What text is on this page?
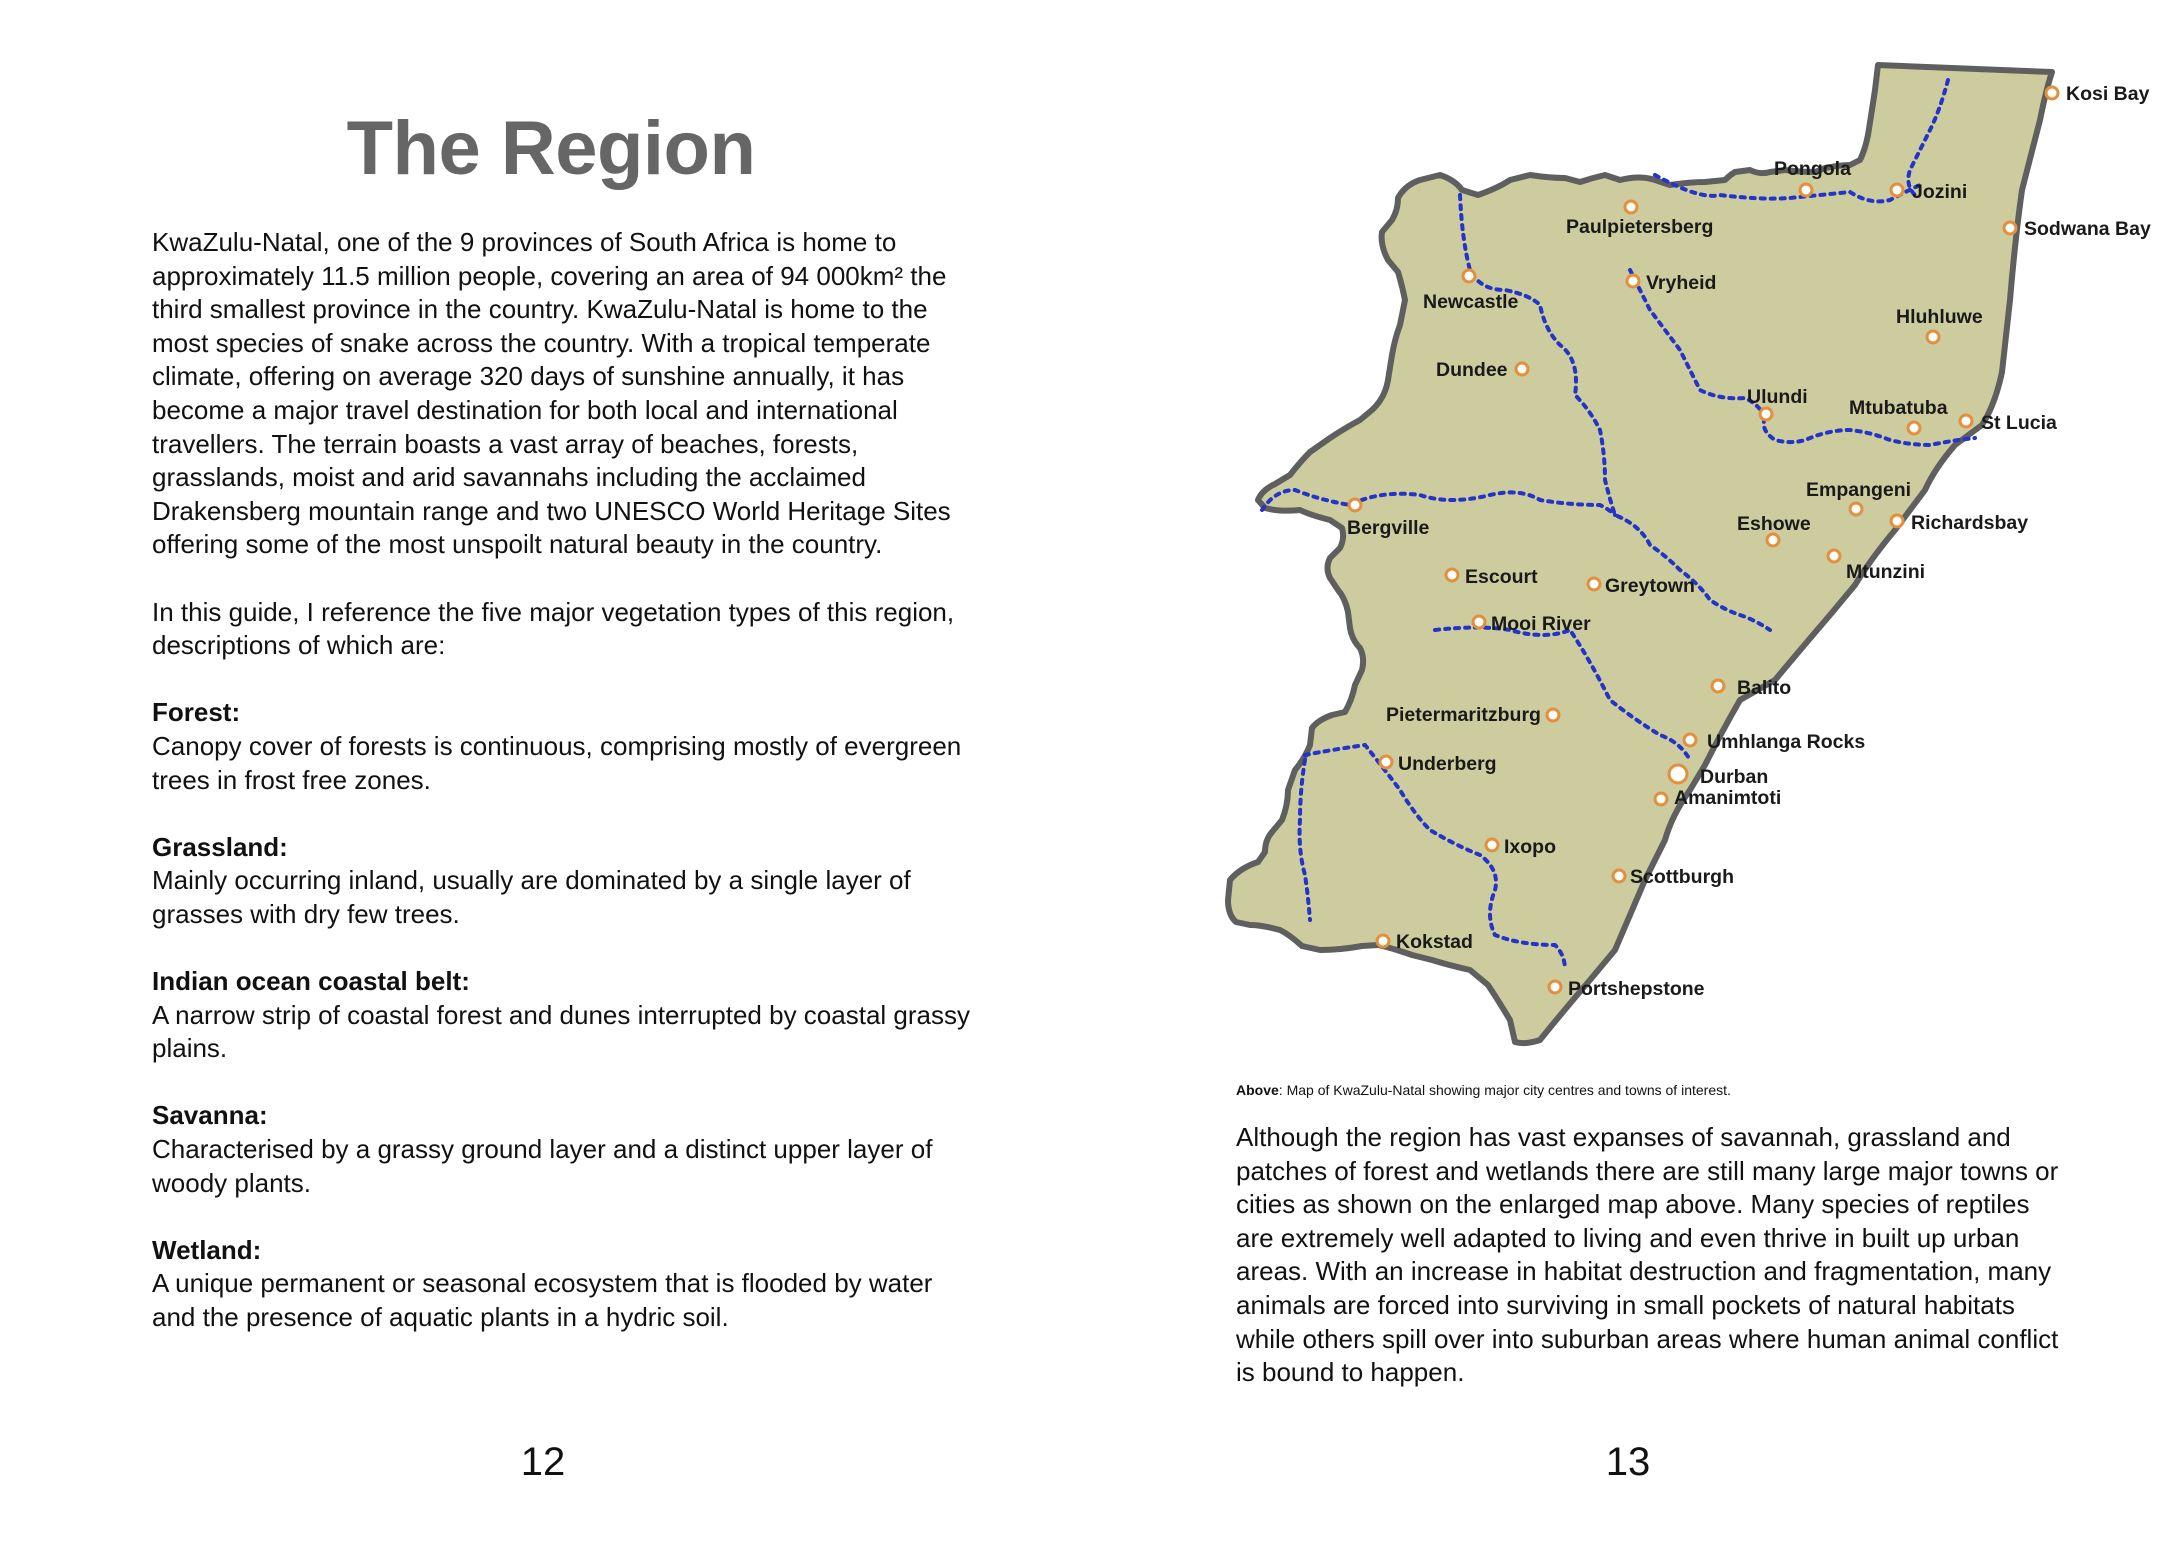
The Region

KwaZulu-Natal, one of the 9 provinces of South Africa is home to approximately 11.5 million people, covering an area of 94 000km² the third smallest province in the country. KwaZulu-Natal is home to the most species of snake across the country. With a tropical temperate climate, offering on average 320 days of sunshine annually, it has become a major travel destination for both local and international travellers. The terrain boasts a vast array of beaches, forests, grasslands, moist and arid savannahs including the acclaimed Drakensberg mountain range and two UNESCO World Heritage Sites offering some of the most unspoilt natural beauty in the country.

In this guide, I reference the five major vegetation types of this region, descriptions of which are:

Forest:
Canopy cover of forests is continuous, comprising mostly of evergreen trees in frost free zones.
Grassland:
Mainly occurring inland, usually are dominated by a single layer of grasses with dry few trees.
Indian ocean coastal belt:
A narrow strip of coastal forest and dunes interrupted by coastal grassy plains.
Savanna:
Characterised by a grassy ground layer and a distinct upper layer of woody plants.
Wetland:
A unique permanent or seasonal ecosystem that is flooded by water and the presence of aquatic plants in a hydric soil.
12
Kosi Bay
Pongola
Jozini
Paulpietersberg	Sodwana Bay
Vryheid
Newcastle
Hluhluwe
Dundee
Ulundi Mtubatuba
St Lucia
Empangeni
Bergville	Eshowe	Richardsbay
Mtunzini
Escourt	Greytown
Mooi River
Balito
Pietermaritzburg
Umhlanga Rocks
Underberg
Durban
Amanimtoti
Ixopo
Scottburgh
Kokstad
Portshepstone
Above: Map of KwaZulu-Natal showing major city centres and towns of interest.

Although the region has vast expanses of savannah, grassland and patches of forest and wetlands there are still many large major towns or cities as shown on the enlarged map above. Many species of reptiles are extremely well adapted to living and even thrive in built up urban areas. With an increase in habitat destruction and fragmentation, many animals are forced into surviving in small pockets of natural habitats while others spill over into suburban areas where human animal conflict is bound to happen.

13
